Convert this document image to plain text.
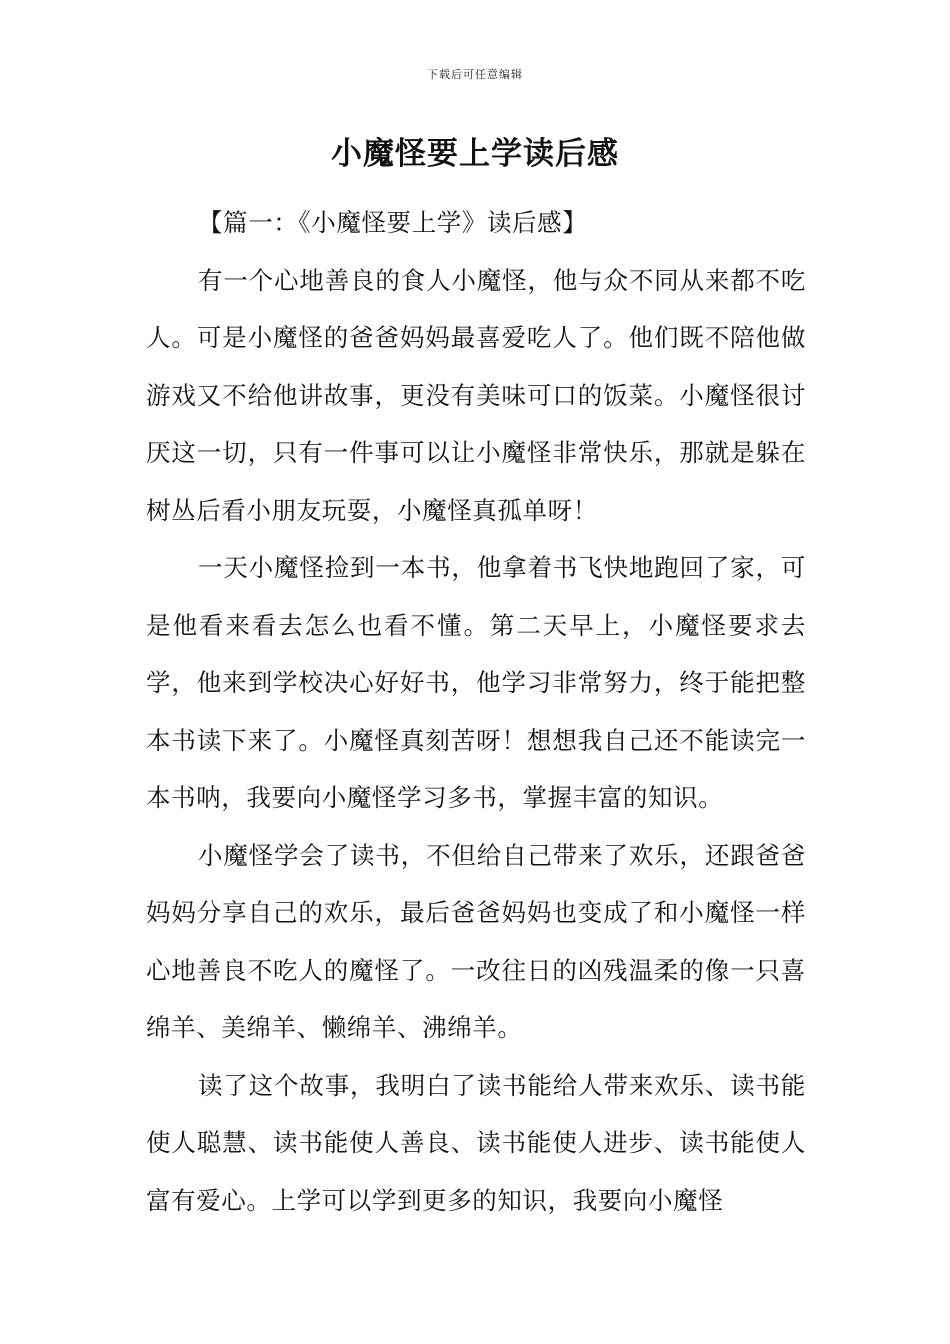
下载后可任意编辑
小魔怪要上学读后感

【篇一：《小魔怪要上学》读后感】

有一个心地善良的食人小魔怪，他与众不同从来都不吃人。可是小魔怪的爸爸妈妈最喜爱吃人了。他们既不陪他做游戏又不给他讲故事，更没有美味可口的饭菜。小魔怪很讨厌这一切，只有一件事可以让小魔怪非常快乐，那就是躲在树丛后看小朋友玩耍，小魔怪真孤单呀！

一天小魔怪捡到一本书，他拿着书飞快地跑回了家，可是他看来看去怎么也看不懂。第二天早上，小魔怪要求去学，他来到学校决心好好书，他学习非常努力，终于能把整本书读下来了。小魔怪真刻苦呀！想想我自己还不能读完一本书呐，我要向小魔怪学习多书，掌握丰富的知识。

小魔怪学会了读书，不但给自己带来了欢乐，还跟爸爸妈妈分享自己的欢乐，最后爸爸妈妈也变成了和小魔怪一样心地善良不吃人的魔怪了。一改往日的凶残温柔的像一只喜绵羊、美绵羊、懒绵羊、沸绵羊。

读了这个故事，我明白了读书能给人带来欢乐、读书能使人聪慧、读书能使人善良、读书能使人进步、读书能使人富有爱心。上学可以学到更多的知识，我要向小魔怪
